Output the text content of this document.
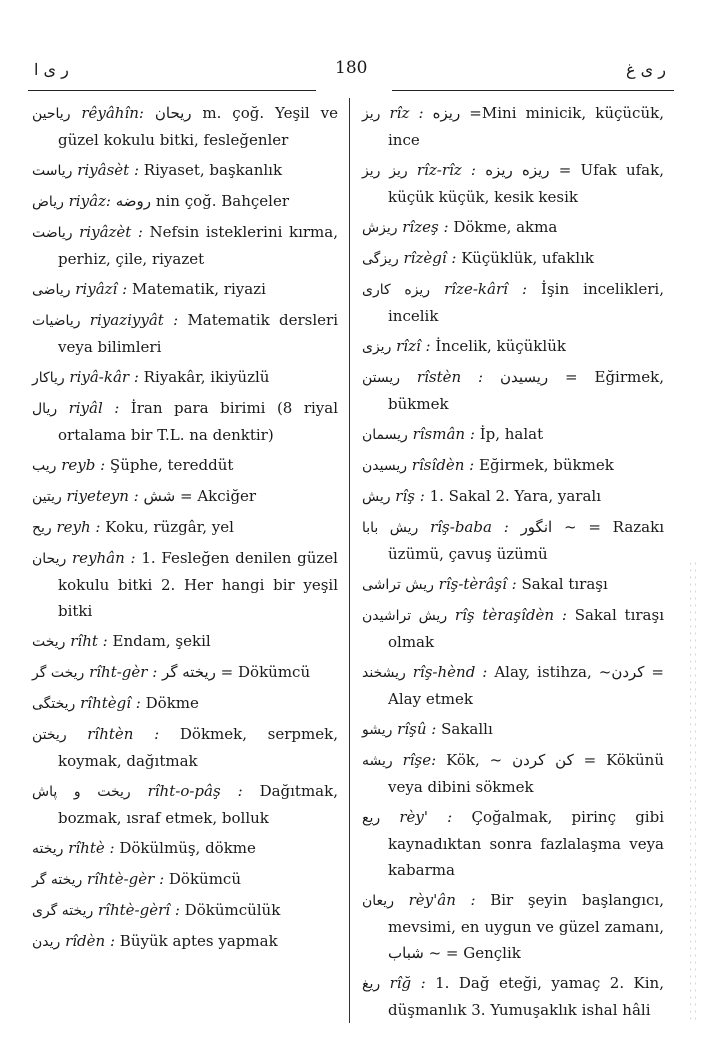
ر ی ا	180	ر ی غ
ریاحین rêyâhîn: ریحان m. çoğ. Yeşil ve güzel kokulu bitki, fesleğenler
ریاست riyâsèt : Riyaset, başkanlık
ریاض riyâz: روضه nin çoğ. Bahçeler
ریاضت riyâzèt : Nefsin isteklerini kırma, perhiz, çile, riyazet
ریاضی riyâzî : Matematik, riyazi
ریاضیات riyaziyyât : Matematik dersleri veya bilimleri
ریاکار riyâ-kâr : Riyakâr, ikiyüzlü
ریال riyâl : İran para birimi (8 riyal ortalama bir T.L. na denktir)
ریب reyb : Şüphe, tereddüt
ریتین riyeteyn : شش = Akciğer
ریح reyh : Koku, rüzgâr, yel
ریحان reyhân : 1. Fesleğen denilen güzel kokulu bitki 2. Her hangi bir yeşil bitki
ریخت rîht : Endam, şekil
ریخت گر rîht-gèr : ریخته گر = Dökümcü
ریختگی rîhtègî : Dökme
ریختن rîhtèn : Dökmek, serpmek, koymak, dağıtmak
ریخت و پاش rîht-o-pâş : Dağıtmak, bozmak, ısraf etmek, bolluk
ریخته rîhtè : Dökülmüş, dökme
ریخته گر rîhtè-gèr : Dökümcü
ریخته گری rîhtè-gèrî : Dökümcülük
ریدن rîdèn : Büyük aptes yapmak
ریز rîz : ریزه =Mini minicik, küçücük, ince
ریز ریز rîz-rîz : ریزه ریزه = Ufak ufak, küçük küçük, kesik kesik
ریزش rîzeş : Dökme, akma
ریزگی rîzègî : Küçüklük, ufaklık
ریزه کاری rîze-kârî : İşin incelikleri, incelik
ریزی rîzî : İncelik, küçüklük
ریستن rîstèn : ریسیدن = Eğirmek, bükmek
ریسمان rîsmân : İp, halat
ریسیدن rîsîdèn : Eğirmek, bükmek
ریش rîş : 1. Sakal 2. Yara, yaralı
ریش بابا rîş-baba : انگور ~ = Razakı üzümü, çavuş üzümü
ریش تراشی rîş-tèrâşî : Sakal tıraşı
ریش تراشیدن rîş tèraşîdèn : Sakal tıraşı olmak
ریشخند rîş-hènd : Alay, istihza, ~کردن = Alay etmek
ریشو rîşû : Sakallı
ریشه rîşe: Kök, ~ کن کردن = Kökünü veya dibini sökmek
ریع rèy' : Çoğalmak, pirinç gibi kaynadıktan sonra fazlalaşma veya kabarma
ریعان rèy'ân : Bir şeyin başlangıcı, mevsimi, en uygun ve güzel zamanı, شباب ~ = Gençlik
ریغ rîğ : 1. Dağ eteği, yamaç 2. Kin, düşmanlık 3. Yumuşaklık ishal hâli
